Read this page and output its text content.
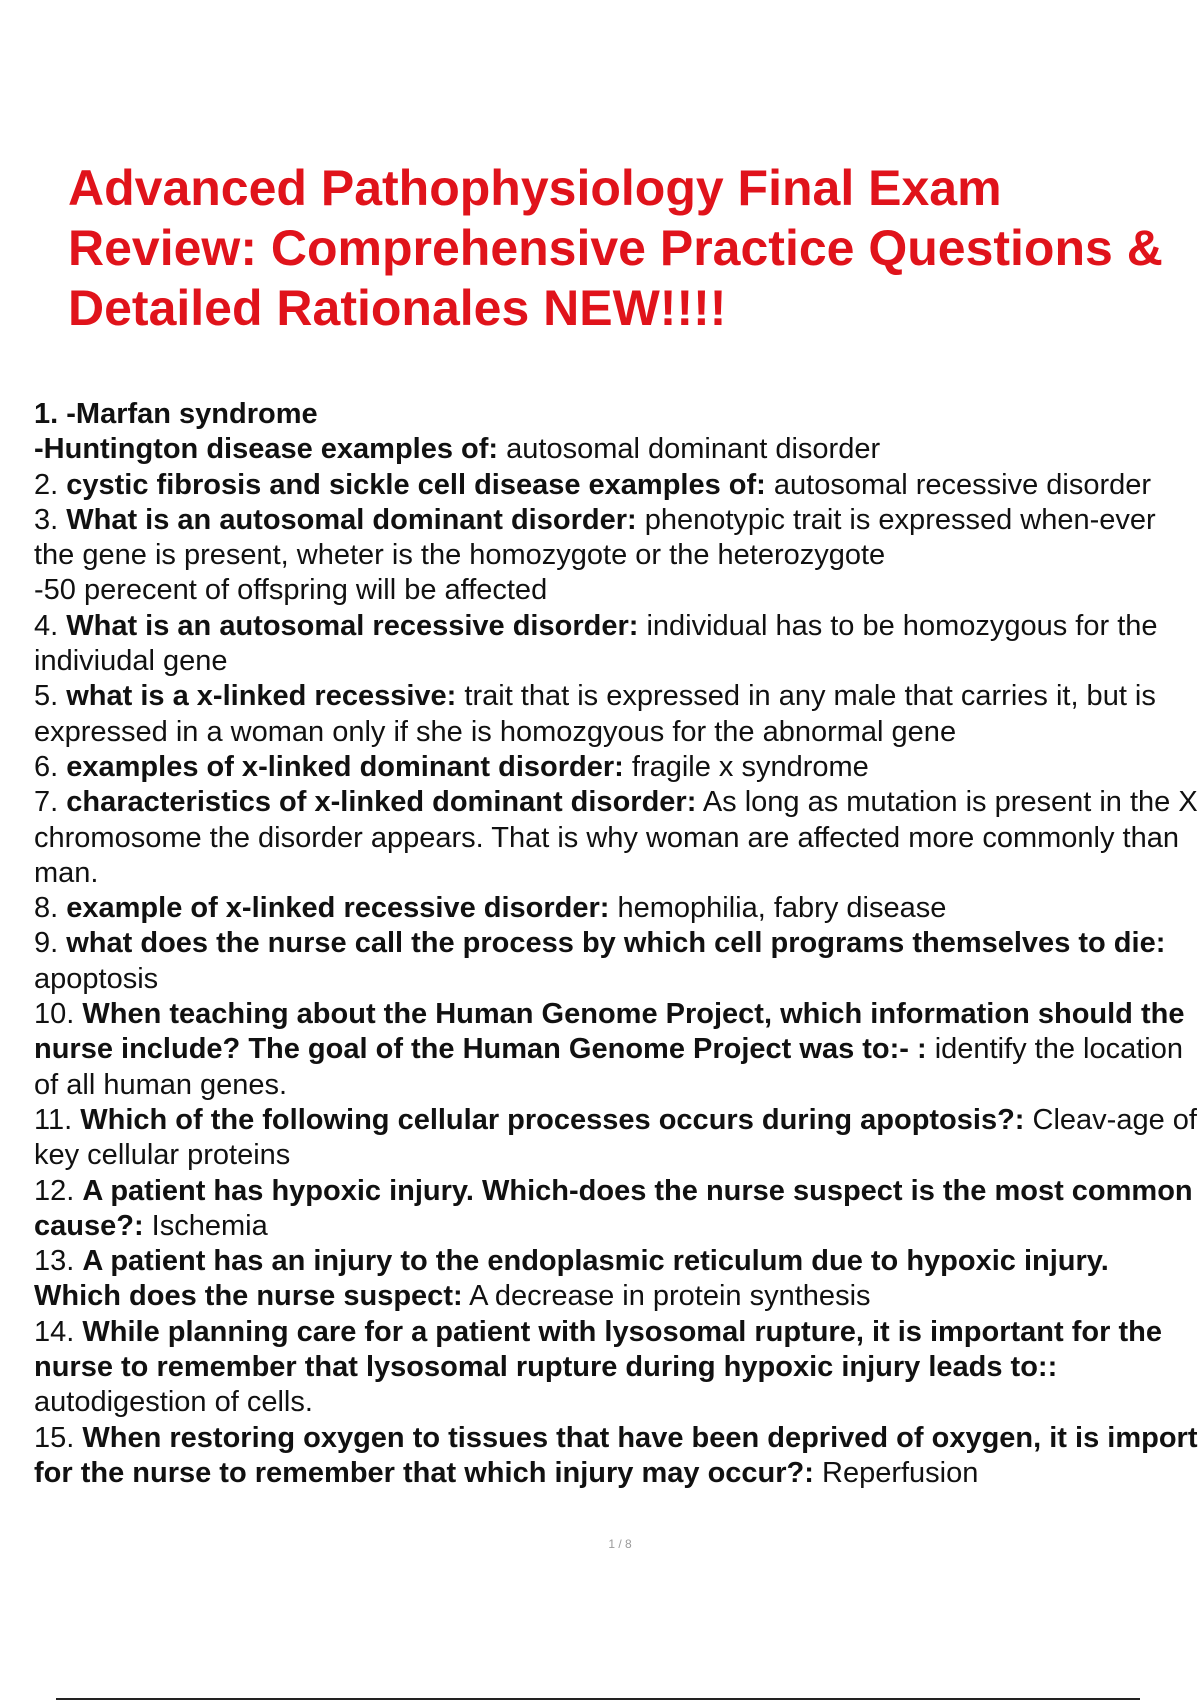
Advanced Pathophysiology Final Exam
Review: Comprehensive Practice Questions &
Detailed Rationales NEW!!!!
1. -Marfan syndrome
-Huntington disease examples of: autosomal dominant disorder
2. cystic fibrosis and sickle cell disease examples of: autosomal recessive disorder
3. What is an autosomal dominant disorder: phenotypic trait is expressed when-ever the gene is present, wheter is the homozygote or the heterozygote
-50 perecent of offspring will be affected
4. What is an autosomal recessive disorder: individual has to be homozygous for the indiviudal gene
5. what is a x-linked recessive: trait that is expressed in any male that carries it, but is expressed in a woman only if she is homozgyous for the abnormal gene
6. examples of x-linked dominant disorder: fragile x syndrome
7. characteristics of x-linked dominant disorder: As long as mutation is present in the X chromosome the disorder appears. That is why woman are affected more commonly than man.
8. example of x-linked recessive disorder: hemophilia, fabry disease
9. what does the nurse call the process by which cell programs themselves to die: apoptosis
10. When teaching about the Human Genome Project, which information should the nurse include? The goal of the Human Genome Project was to:- : identify the location of all human genes.
11. Which of the following cellular processes occurs during apoptosis?: Cleav-age of key cellular proteins
12. A patient has hypoxic injury. Which-does the nurse suspect is the most common cause?: Ischemia
13. A patient has an injury to the endoplasmic reticulum due to hypoxic injury. Which does the nurse suspect: A decrease in protein synthesis
14. While planning care for a patient with lysosomal rupture, it is important for the nurse to remember that lysosomal rupture during hypoxic injury leads to:: autodigestion of cells.
15. When restoring oxygen to tissues that have been deprived of oxygen, it is import for the nurse to remember that which injury may occur?: Reperfusion
1 / 8
